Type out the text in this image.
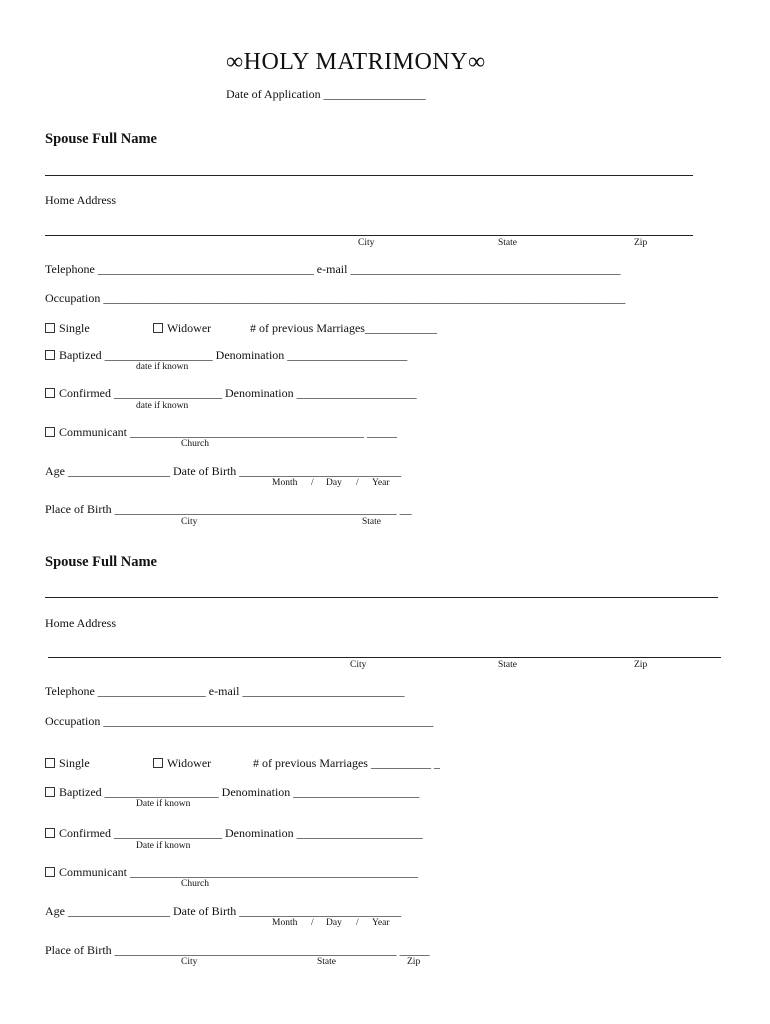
∞HOLY MATRIMONY∞
Date of Application _________________
Spouse Full Name
Home Address
City	State	Zip
Telephone ____________________________________ e-mail _____________________________________________
Occupation _______________________________________________________________________________________
Single	Widower	# of previous Marriages____________
Baptized __________________ Denomination ____________________
date if known
Confirmed __________________ Denomination ____________________
date if known
Communicant _______________________________________ _____
Church
Age _________________ Date of Birth ___________________________
Month / Day / Year
Place of Birth _______________________________________________ __
City	State
Spouse Full Name
Home Address
City	State	Zip
Telephone __________________ e-mail ___________________________
Occupation _______________________________________________________
Single	Widower	# of previous Marriages __________ _
Baptized ___________________ Denomination _____________________
Date if known
Confirmed __________________ Denomination _____________________
Date if known
Communicant ________________________________________________
Church
Age _________________ Date of Birth ___________________________
Month / Day / Year
Place of Birth _______________________________________________ _____
City	State	Zip
